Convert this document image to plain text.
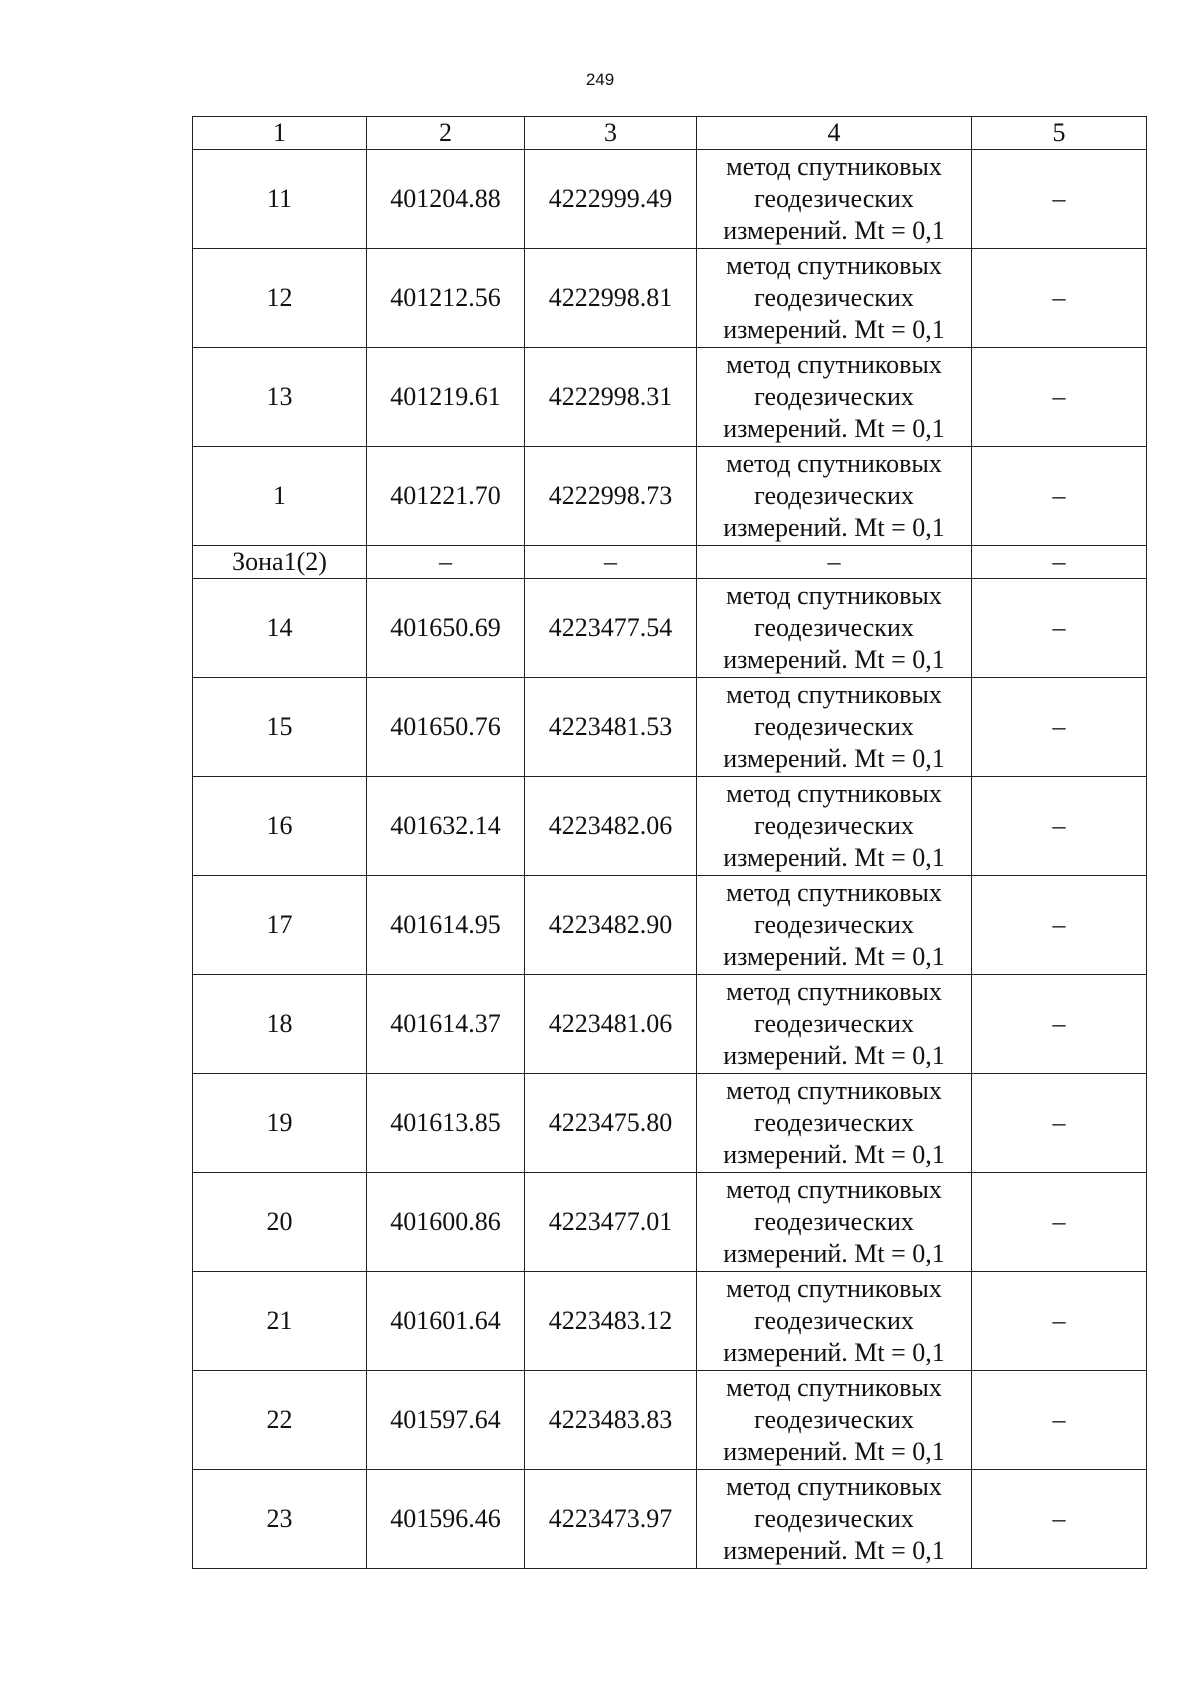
249
1	2	3	4	5
11	401204.88	4222999.49	метод спутниковых геодезических измерений. Mt = 0,1	–
12	401212.56	4222998.81	метод спутниковых геодезических измерений. Mt = 0,1	–
13	401219.61	4222998.31	метод спутниковых геодезических измерений. Mt = 0,1	–
1	401221.70	4222998.73	метод спутниковых геодезических измерений. Mt = 0,1	–
Зона1(2)	–	–	–	–
14	401650.69	4223477.54	метод спутниковых геодезических измерений. Mt = 0,1	–
15	401650.76	4223481.53	метод спутниковых геодезических измерений. Mt = 0,1	–
16	401632.14	4223482.06	метод спутниковых геодезических измерений. Mt = 0,1	–
17	401614.95	4223482.90	метод спутниковых геодезических измерений. Mt = 0,1	–
18	401614.37	4223481.06	метод спутниковых геодезических измерений. Mt = 0,1	–
19	401613.85	4223475.80	метод спутниковых геодезических измерений. Mt = 0,1	–
20	401600.86	4223477.01	метод спутниковых геодезических измерений. Mt = 0,1	–
21	401601.64	4223483.12	метод спутниковых геодезических измерений. Mt = 0,1	–
22	401597.64	4223483.83	метод спутниковых геодезических измерений. Mt = 0,1	–
23	401596.46	4223473.97	метод спутниковых геодезических измерений. Mt = 0,1	–
